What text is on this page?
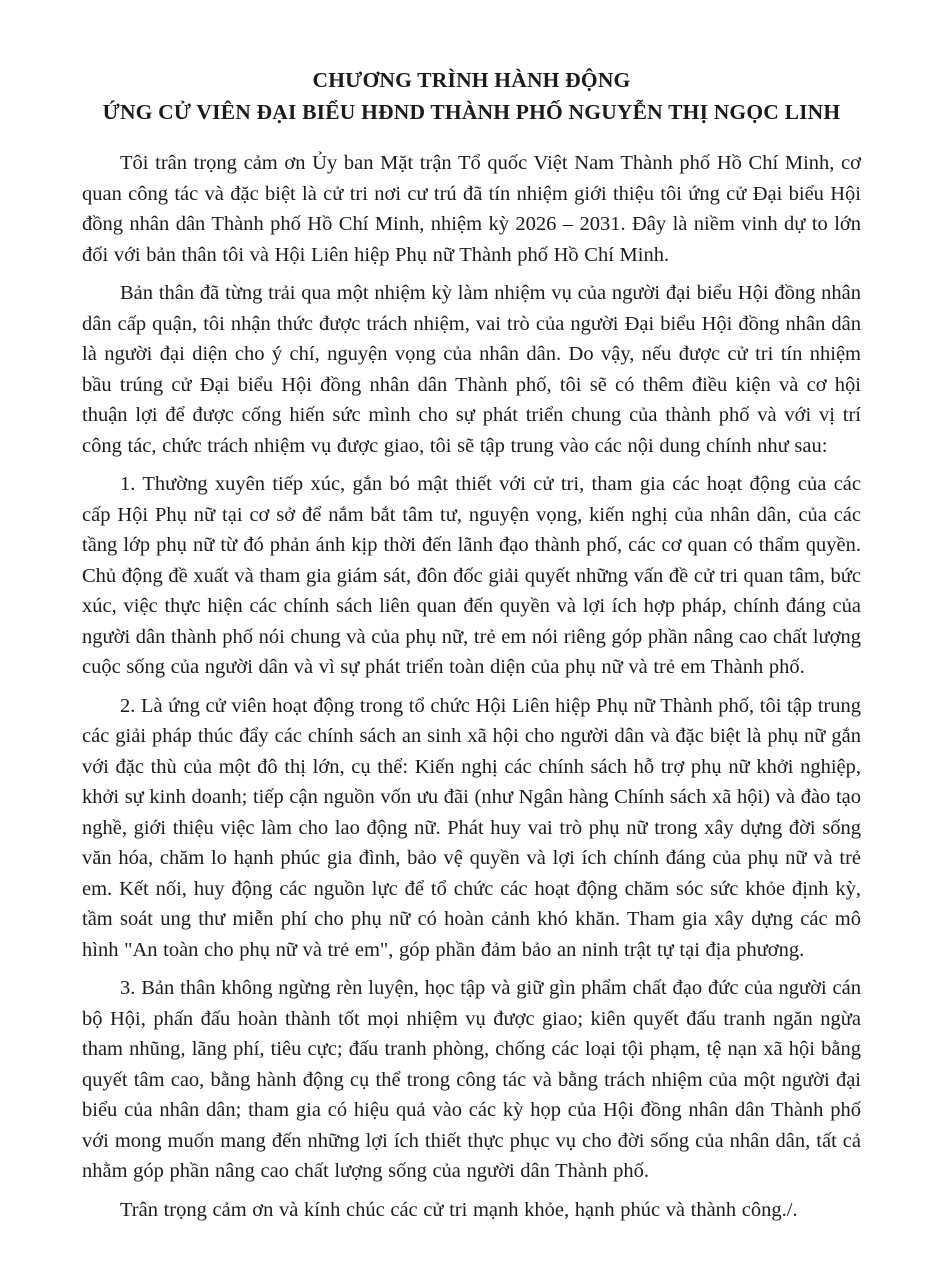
CHƯƠNG TRÌNH HÀNH ĐỘNG
ỨNG CỬ VIÊN ĐẠI BIỂU HĐND THÀNH PHỐ NGUYỄN THỊ NGỌC LINH

Tôi trân trọng cảm ơn Ủy ban Mặt trận Tổ quốc Việt Nam Thành phố Hồ Chí Minh, cơ quan công tác và đặc biệt là cử tri nơi cư trú đã tín nhiệm giới thiệu tôi ứng cử Đại biểu Hội đồng nhân dân Thành phố Hồ Chí Minh, nhiệm kỳ 2026 – 2031. Đây là niềm vinh dự to lớn đối với bản thân tôi và Hội Liên hiệp Phụ nữ Thành phố Hồ Chí Minh.

Bản thân đã từng trải qua một nhiệm kỳ làm nhiệm vụ của người đại biểu Hội đồng nhân dân cấp quận, tôi nhận thức được trách nhiệm, vai trò của người Đại biểu Hội đồng nhân dân là người đại diện cho ý chí, nguyện vọng của nhân dân. Do vậy, nếu được cử tri tín nhiệm bầu trúng cử Đại biểu Hội đồng nhân dân Thành phố, tôi sẽ có thêm điều kiện và cơ hội thuận lợi để được cống hiến sức mình cho sự phát triển chung của thành phố và với vị trí công tác, chức trách nhiệm vụ được giao, tôi sẽ tập trung vào các nội dung chính như sau:

1. Thường xuyên tiếp xúc, gắn bó mật thiết với cử tri, tham gia các hoạt động của các cấp Hội Phụ nữ tại cơ sở để nắm bắt tâm tư, nguyện vọng, kiến nghị của nhân dân, của các tầng lớp phụ nữ từ đó phản ánh kịp thời đến lãnh đạo thành phố, các cơ quan có thẩm quyền. Chủ động đề xuất và tham gia giám sát, đôn đốc giải quyết những vấn đề cử tri quan tâm, bức xúc, việc thực hiện các chính sách liên quan đến quyền và lợi ích hợp pháp, chính đáng của người dân thành phố nói chung và của phụ nữ, trẻ em nói riêng góp phần nâng cao chất lượng cuộc sống của người dân và vì sự phát triển toàn diện của phụ nữ và trẻ em Thành phố.

2. Là ứng cử viên hoạt động trong tổ chức Hội Liên hiệp Phụ nữ Thành phố, tôi tập trung các giải pháp thúc đẩy các chính sách an sinh xã hội cho người dân và đặc biệt là phụ nữ gắn với đặc thù của một đô thị lớn, cụ thể: Kiến nghị các chính sách hỗ trợ phụ nữ khởi nghiệp, khởi sự kinh doanh; tiếp cận nguồn vốn ưu đãi (như Ngân hàng Chính sách xã hội) và đào tạo nghề, giới thiệu việc làm cho lao động nữ. Phát huy vai trò phụ nữ trong xây dựng đời sống văn hóa, chăm lo hạnh phúc gia đình, bảo vệ quyền và lợi ích chính đáng của phụ nữ và trẻ em. Kết nối, huy động các nguồn lực để tổ chức các hoạt động chăm sóc sức khỏe định kỳ, tầm soát ung thư miễn phí cho phụ nữ có hoàn cảnh khó khăn. Tham gia xây dựng các mô hình "An toàn cho phụ nữ và trẻ em", góp phần đảm bảo an ninh trật tự tại địa phương.

3. Bản thân không ngừng rèn luyện, học tập và giữ gìn phẩm chất đạo đức của người cán bộ Hội, phấn đấu hoàn thành tốt mọi nhiệm vụ được giao; kiên quyết đấu tranh ngăn ngừa tham nhũng, lãng phí, tiêu cực; đấu tranh phòng, chống các loại tội phạm, tệ nạn xã hội bằng quyết tâm cao, bằng hành động cụ thể trong công tác và bằng trách nhiệm của một người đại biểu của nhân dân; tham gia có hiệu quả vào các kỳ họp của Hội đồng nhân dân Thành phố với mong muốn mang đến những lợi ích thiết thực phục vụ cho đời sống của nhân dân, tất cả nhằm góp phần nâng cao chất lượng sống của người dân Thành phố.

Trân trọng cảm ơn và kính chúc các cử tri mạnh khỏe, hạnh phúc và thành công./.
